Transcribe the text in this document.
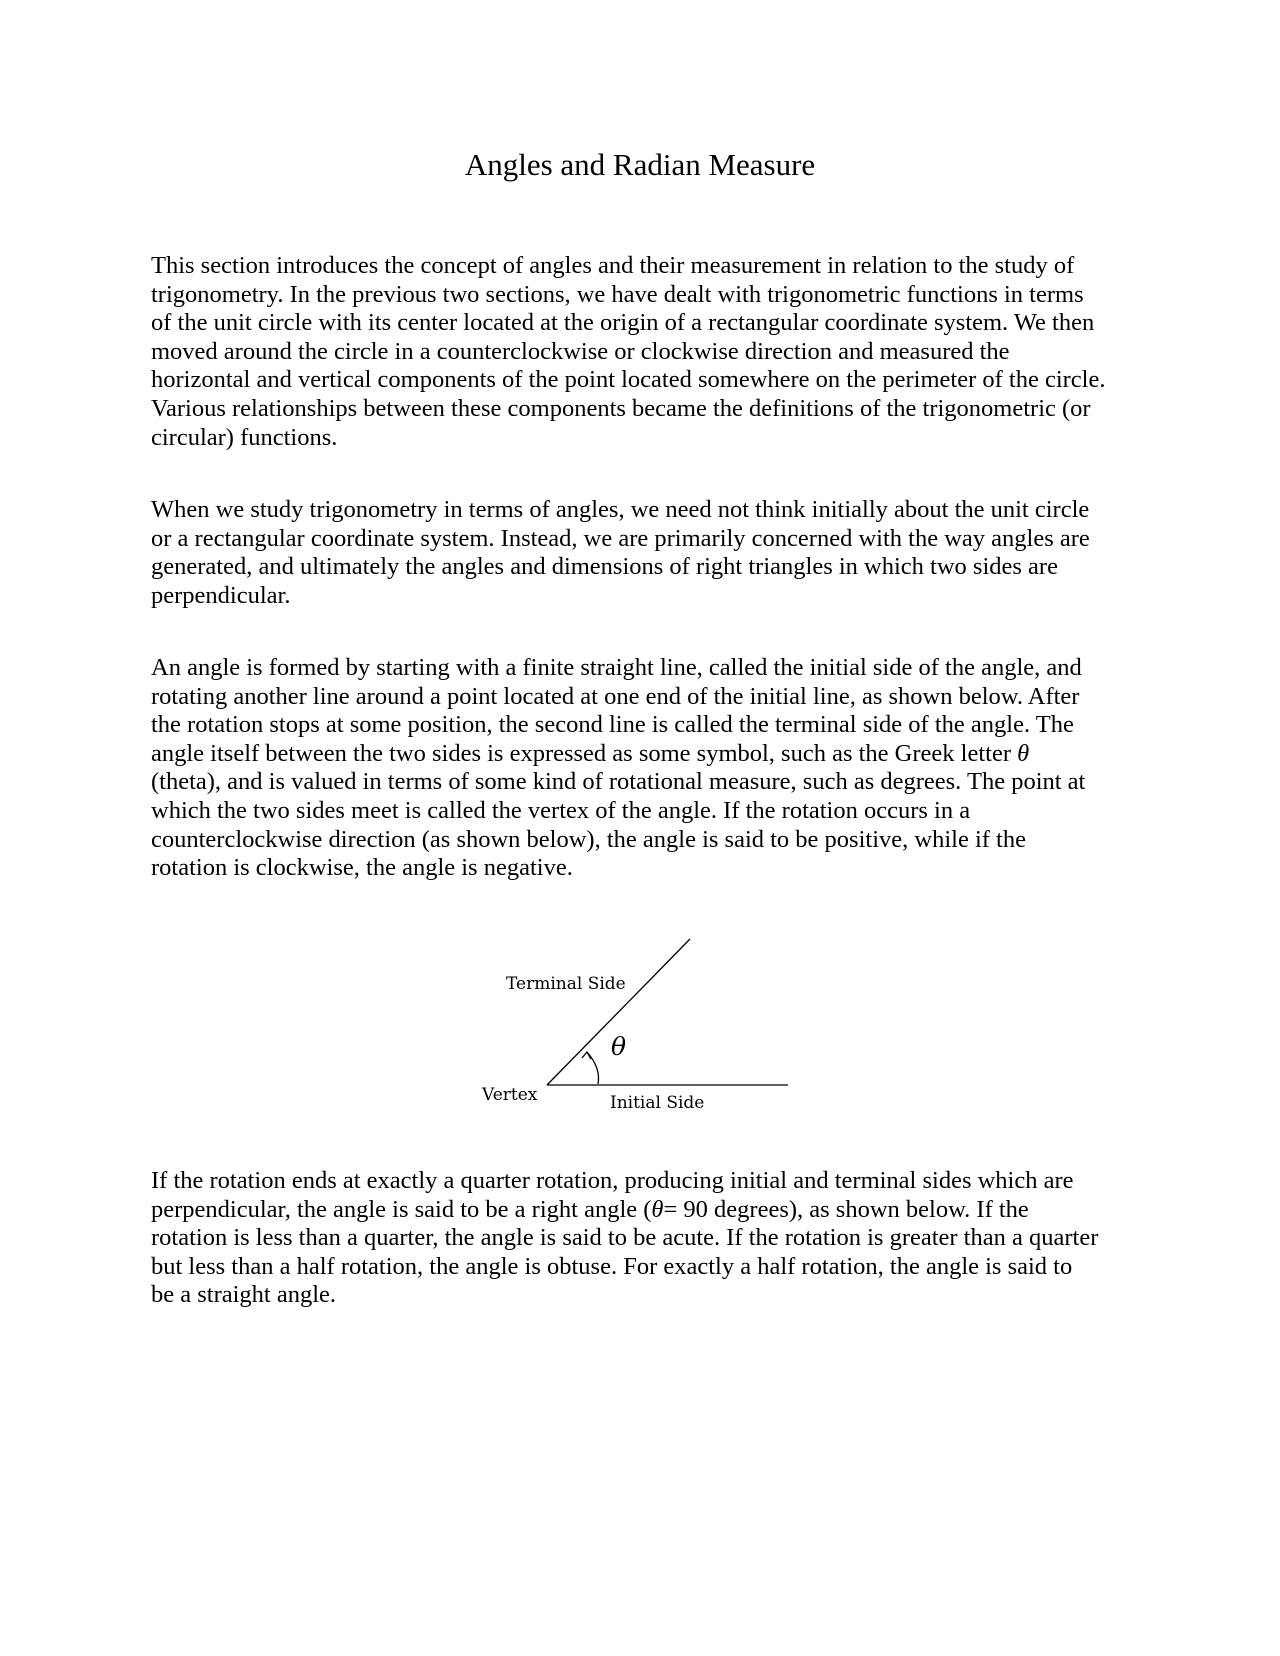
Angles and Radian Measure
This section introduces the concept of angles and their measurement in relation to the study of
trigonometry. In the previous two sections, we have dealt with trigonometric functions in terms
of the unit circle with its center located at the origin of a rectangular coordinate system. We then
moved around the circle in a counterclockwise or clockwise direction and measured the
horizontal and vertical components of the point located somewhere on the perimeter of the circle.
Various relationships between these components became the definitions of the trigonometric (or
circular) functions.
When we study trigonometry in terms of angles, we need not think initially about the unit circle
or a rectangular coordinate system. Instead, we are primarily concerned with the way angles are
generated, and ultimately the angles and dimensions of right triangles in which two sides are
perpendicular.
An angle is formed by starting with a finite straight line, called the initial side of the angle, and
rotating another line around a point located at one end of the initial line, as shown below. After
the rotation stops at some position, the second line is called the terminal side of the angle. The
angle itself between the two sides is expressed as some symbol, such as the Greek letter θ
(theta), and is valued in terms of some kind of rotational measure, such as degrees. The point at
which the two sides meet is called the vertex of the angle. If the rotation occurs in a
counterclockwise direction (as shown below), the angle is said to be positive, while if the
rotation is clockwise, the angle is negative.
Terminal Side
Vertex	Initial Side
θ
If the rotation ends at exactly a quarter rotation, producing initial and terminal sides which are
perpendicular, the angle is said to be a right angle (θ= 90 degrees), as shown below. If the
rotation is less than a quarter, the angle is said to be acute. If the rotation is greater than a quarter
but less than a half rotation, the angle is obtuse. For exactly a half rotation, the angle is said to
be a straight angle.
